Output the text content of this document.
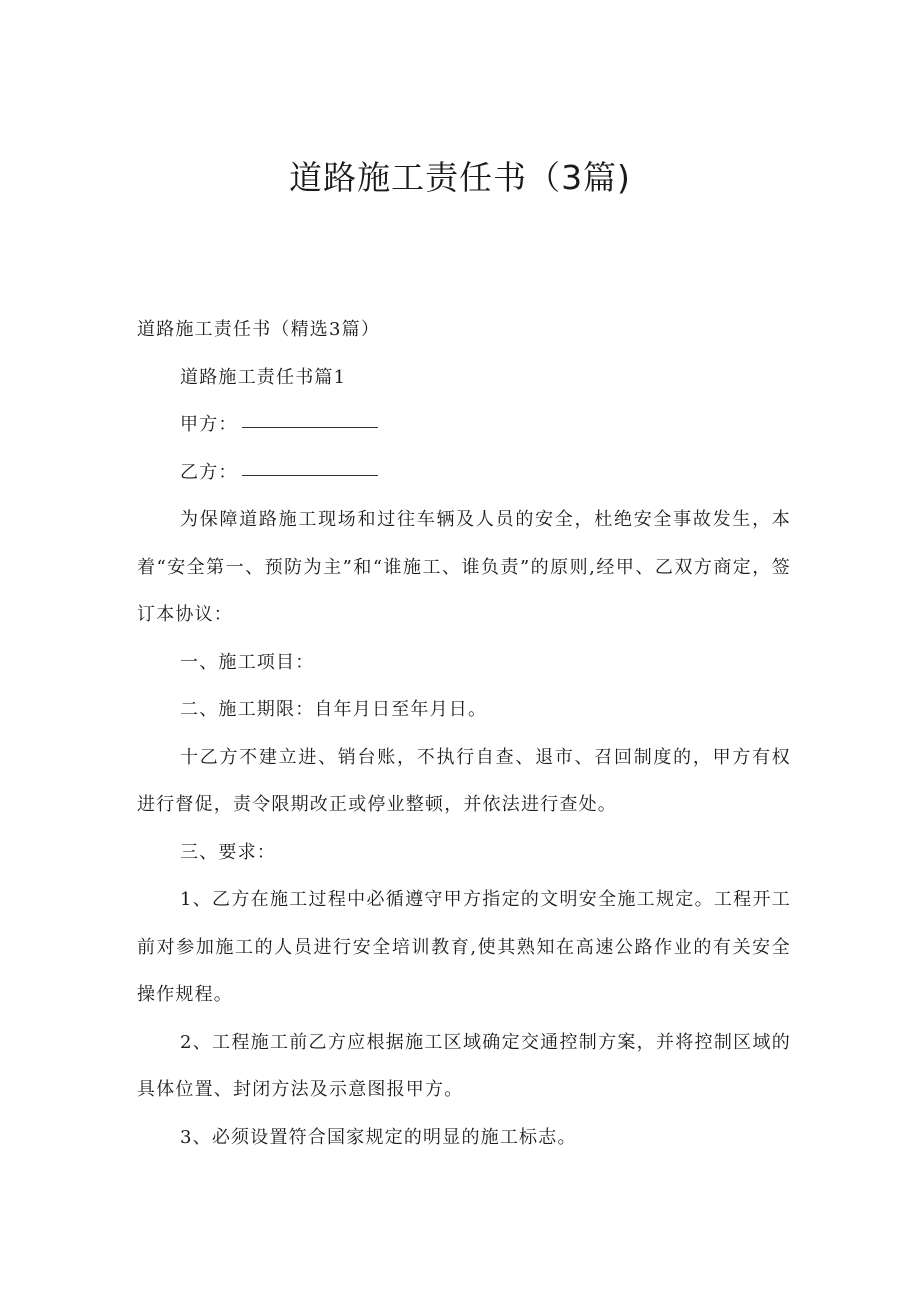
道路施工责任书（3篇)

道路施工责任书（精选3篇）

道路施工责任书篇1

甲方：

乙方：

为保障道路施工现场和过往车辆及人员的安全，杜绝安全事故发生，本着“安全第一、预防为主”和“谁施工、谁负责”的原则,经甲、乙双方商定，签订本协议：

一、施工项目：

二、施工期限：自年月日至年月日。

十乙方不建立进、销台账，不执行自查、退市、召回制度的，甲方有权进行督促，责令限期改正或停业整顿，并依法进行查处。

三、要求：

1、乙方在施工过程中必循遵守甲方指定的文明安全施工规定。工程开工前对参加施工的人员进行安全培训教育,使其熟知在高速公路作业的有关安全操作规程。

2、工程施工前乙方应根据施工区域确定交通控制方案，并将控制区域的具体位置、封闭方法及示意图报甲方。

3、必须设置符合国家规定的明显的施工标志。
